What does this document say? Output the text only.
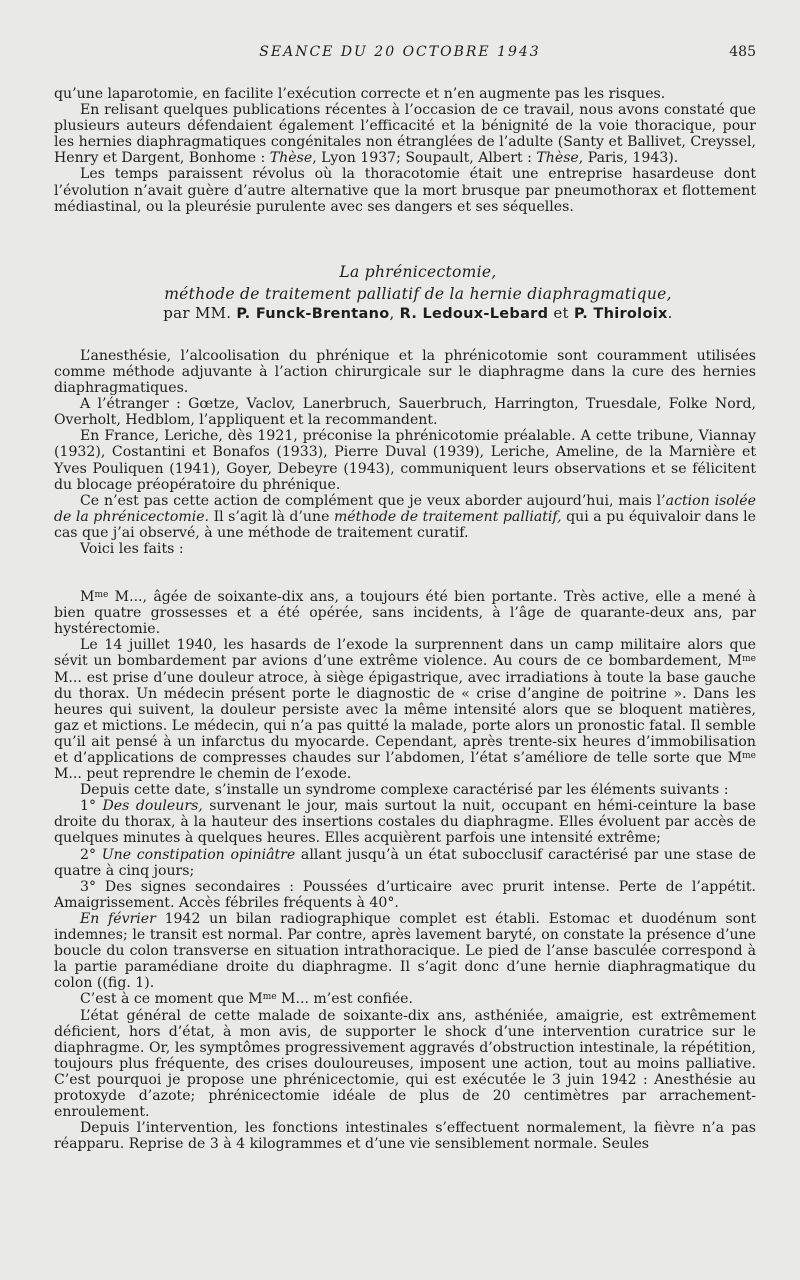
SEANCE DU 20 OCTOBRE 1943	485

qu’une laparotomie, en facilite l’exécution correcte et n’en augmente pas les risques.

En relisant quelques publications récentes à l’occasion de ce travail, nous avons constaté que plusieurs auteurs défendaient également l’efficacité et la bénignité de la voie thoracique, pour les hernies diaphragmatiques congénitales non étranglées de l’adulte (Santy et Ballivet, Creyssel, Henry et Dargent, Bonhome : Thèse, Lyon 1937; Soupault, Albert : Thèse, Paris, 1943).

Les temps paraissent révolus où la thoracotomie était une entreprise hasardeuse dont l’évolution n’avait guère d’autre alternative que la mort brusque par pneumothorax et flottement médiastinal, ou la pleurésie purulente avec ses dangers et ses séquelles.

La phrénicectomie,

méthode de traitement palliatif de la hernie diaphragmatique,

par MM. P. Funck-Brentano, R. Ledoux-Lebard et P. Thiroloix.

L’anesthésie, l’alcoolisation du phrénique et la phrénicotomie sont couramment utilisées comme méthode adjuvante à l’action chirurgicale sur le diaphragme dans la cure des hernies diaphragmatiques.

A l’étranger : Gœtze, Vaclov, Lanerbruch, Sauerbruch, Harrington, Truesdale, Folke Nord, Overholt, Hedblom, l’appliquent et la recommandent.

En France, Leriche, dès 1921, préconise la phrénicotomie préalable. A cette tribune, Viannay (1932), Costantini et Bonafos (1933), Pierre Duval (1939), Leriche, Ameline, de la Marnière et Yves Pouliquen (1941), Goyer, Debeyre (1943), communiquent leurs observations et se félicitent du blocage préopératoire du phrénique.

Ce n’est pas cette action de complément que je veux aborder aujourd’hui, mais l’action isolée de la phrénicectomie. Il s’agit là d’une méthode de traitement palliatif, qui a pu équivaloir dans le cas que j’ai observé, à une méthode de traitement curatif.

Voici les faits :

$M^{me}$ M..., âgée de soixante-dix ans, a toujours été bien portante. Très active, elle a mené à bien quatre grossesses et a été opérée, sans incidents, à l’âge de quarante-deux ans, par hystérectomie.

Le 14 juillet 1940, les hasards de l’exode la surprennent dans un camp militaire alors que sévit un bombardement par avions d’une extrême violence. Au cours de ce bombardement, $M^{me}$ M... est prise d’une douleur atroce, à siège épigastrique, avec irradiations à toute la base gauche du thorax. Un médecin présent porte le diagnostic de « crise d’angine de poitrine ». Dans les heures qui suivent, la douleur persiste avec la même intensité alors que se bloquent matières, gaz et mictions. Le médecin, qui n’a pas quitté la malade, porte alors un pronostic fatal. Il semble qu’il ait pensé à un infarctus du myocarde. Cependant, après trente-six heures d’immobilisation et d’applications de compresses chaudes sur l’abdomen, l’état s’améliore de telle sorte que $M^{me}$ M... peut reprendre le chemin de l’exode.

Depuis cette date, s’installe un syndrome complexe caractérisé par les éléments suivants :

1° Des douleurs, survenant le jour, mais surtout la nuit, occupant en hémi-ceinture la base droite du thorax, à la hauteur des insertions costales du diaphragme. Elles évoluent par accès de quelques minutes à quelques heures. Elles acquièrent parfois une intensité extrême;

2° Une constipation opiniâtre allant jusqu’à un état subocclusif caractérisé par une stase de quatre à cinq jours;

3° Des signes secondaires : Poussées d’urticaire avec prurit intense. Perte de l’appétit. Amaigrissement. Accès fébriles fréquents à 40°.

En février 1942 un bilan radiographique complet est établi. Estomac et duodénum sont indemnes; le transit est normal. Par contre, après lavement baryté, on constate la présence d’une boucle du colon transverse en situation intrathoracique. Le pied de l’anse basculée correspond à la partie paramédiane droite du diaphragme. Il s’agit donc d’une hernie diaphragmatique du colon ((fig. 1).

C’est à ce moment que $M^{me}$ M... m’est confiée.

L’état général de cette malade de soixante-dix ans, asthéniée, amaigrie, est extrêmement déficient, hors d’état, à mon avis, de supporter le shock d’une intervention curatrice sur le diaphragme. Or, les symptômes progressivement aggravés d’obstruction intestinale, la répétition, toujours plus fréquente, des crises douloureuses, imposent une action, tout au moins palliative. C’est pourquoi je propose une phrénicectomie, qui est exécutée le 3 juin 1942 : Anesthésie au protoxyde d’azote; phrénicectomie idéale de plus de 20 centimètres par arrachement-enroulement.

Depuis l’intervention, les fonctions intestinales s’effectuent normalement, la fièvre n’a pas réapparu. Reprise de 3 à 4 kilogrammes et d’une vie sensiblement normale. Seules
